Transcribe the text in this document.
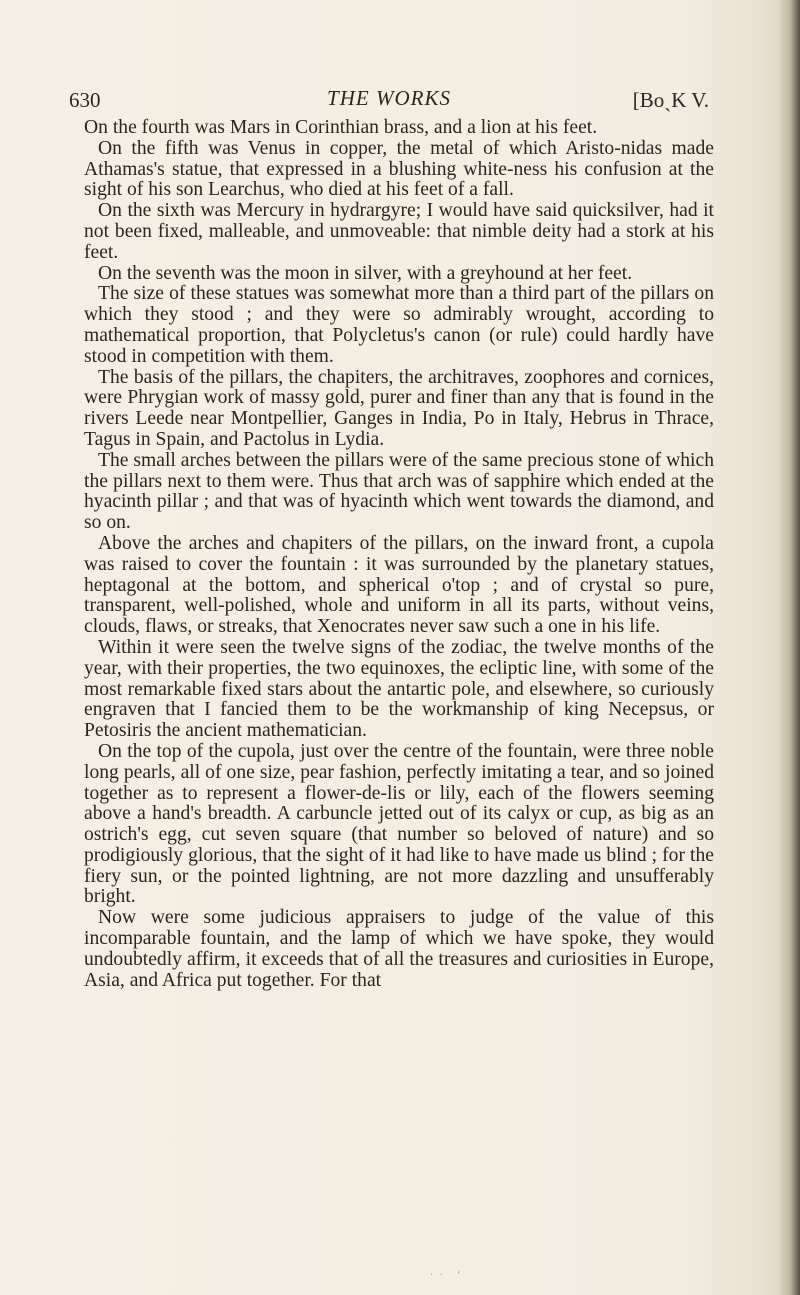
630	THE WORKS	[BoˎK V.

On the fourth was Mars in Corinthian brass, and a lion at his feet.

On the fifth was Venus in copper, the metal of which Aristo-nidas made Athamas's statue, that expressed in a blushing white-ness his confusion at the sight of his son Learchus, who died at his feet of a fall.

On the sixth was Mercury in hydrargyre; I would have said quicksilver, had it not been fixed, malleable, and unmoveable: that nimble deity had a stork at his feet.

On the seventh was the moon in silver, with a greyhound at her feet.

The size of these statues was somewhat more than a third part of the pillars on which they stood ; and they were so admirably wrought, according to mathematical proportion, that Polycletus's canon (or rule) could hardly have stood in competition with them.

The basis of the pillars, the chapiters, the architraves, zoophores and cornices, were Phrygian work of massy gold, purer and finer than any that is found in the rivers Leede near Montpellier, Ganges in India, Po in Italy, Hebrus in Thrace, Tagus in Spain, and Pactolus in Lydia.

The small arches between the pillars were of the same precious stone of which the pillars next to them were. Thus that arch was of sapphire which ended at the hyacinth pillar ; and that was of hyacinth which went towards the diamond, and so on.

Above the arches and chapiters of the pillars, on the inward front, a cupola was raised to cover the fountain : it was surrounded by the planetary statues, heptagonal at the bottom, and spherical o'top ; and of crystal so pure, transparent, well-polished, whole and uniform in all its parts, without veins, clouds, flaws, or streaks, that Xenocrates never saw such a one in his life.

Within it were seen the twelve signs of the zodiac, the twelve months of the year, with their properties, the two equinoxes, the ecliptic line, with some of the most remarkable fixed stars about the antartic pole, and elsewhere, so curiously engraven that I fancied them to be the workmanship of king Necepsus, or Petosiris the ancient mathematician.

On the top of the cupola, just over the centre of the fountain, were three noble long pearls, all of one size, pear fashion, perfectly imitating a tear, and so joined together as to represent a flower-de-lis or lily, each of the flowers seeming above a hand's breadth. A carbuncle jetted out of its calyx or cup, as big as an ostrich's egg, cut seven square (that number so beloved of nature) and so prodigiously glorious, that the sight of it had like to have made us blind ; for the fiery sun, or the pointed lightning, are not more dazzling and unsufferably bright.

Now were some judicious appraisers to judge of the value of this incomparable fountain, and the lamp of which we have spoke, they would undoubtedly affirm, it exceeds that of all the treasures and curiosities in Europe, Asia, and Africa put together. For that

·· ʻ
